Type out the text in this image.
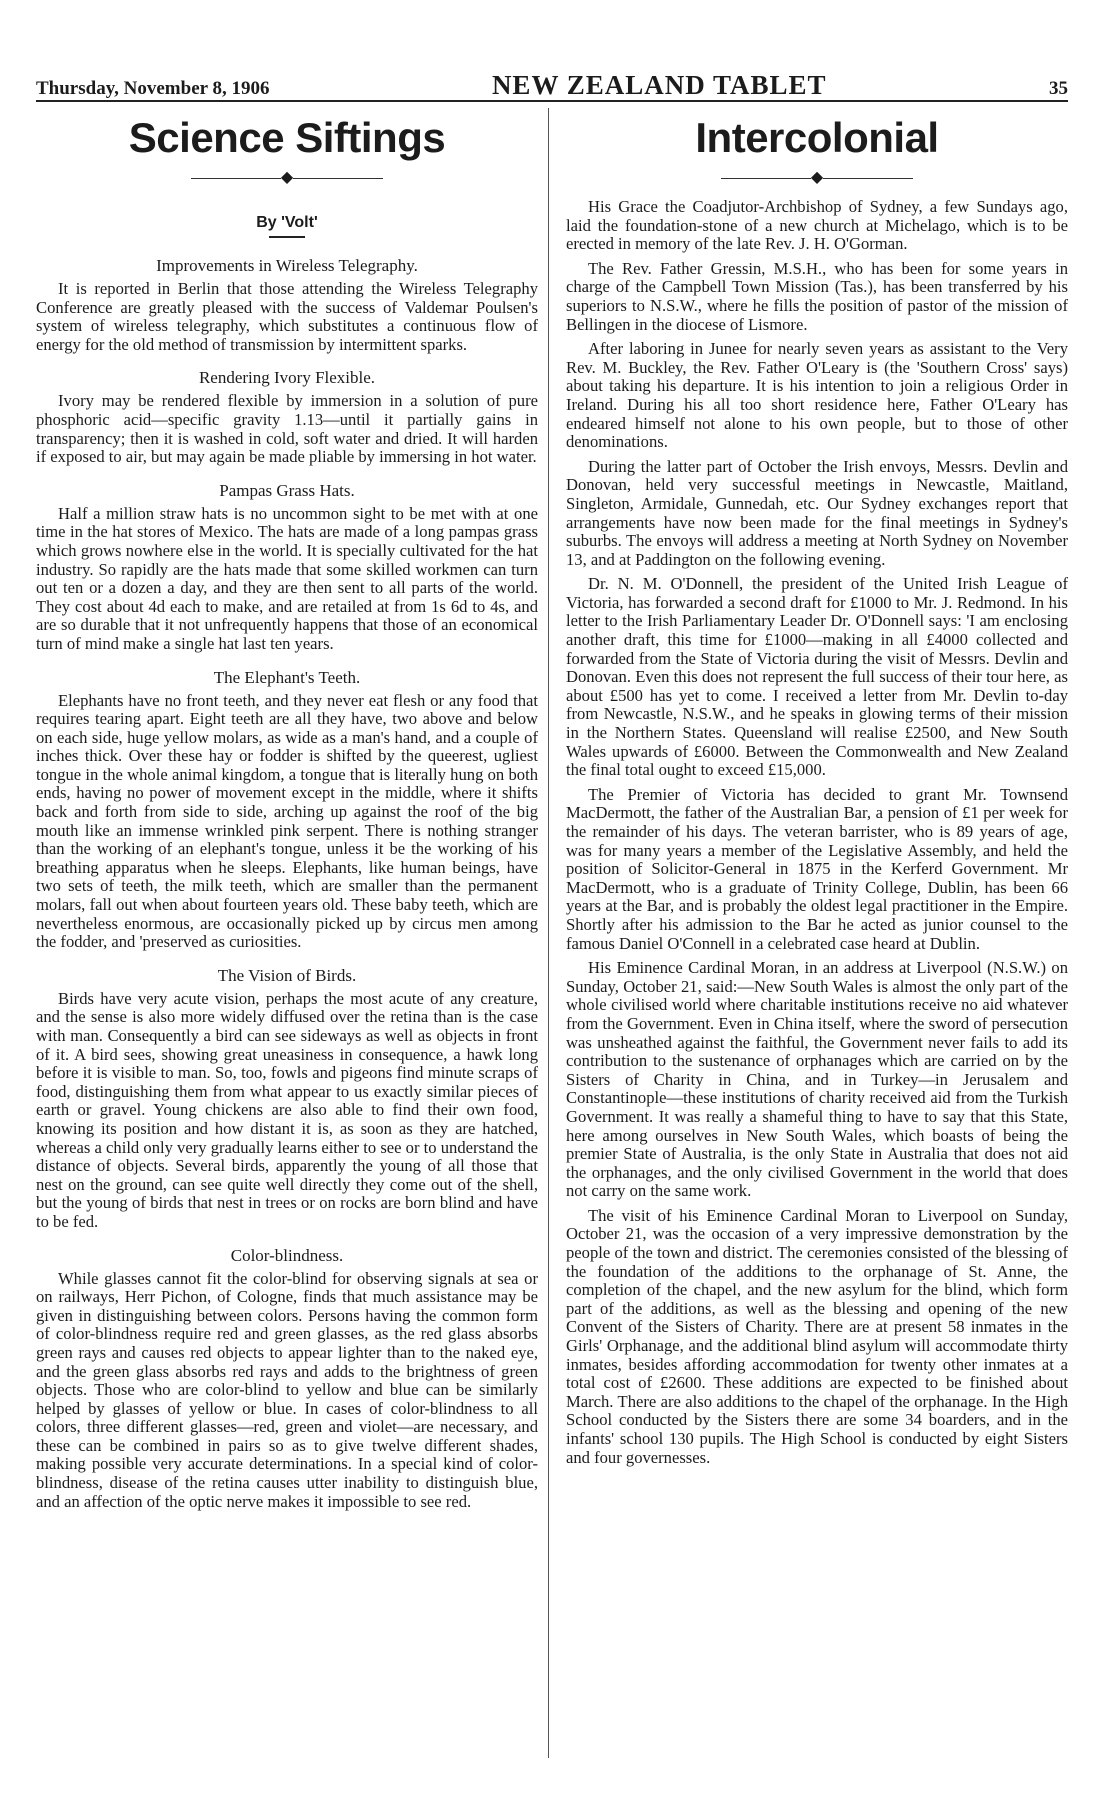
Thursday, November 8, 1906	NEW ZEALAND TABLET	35
Science Siftings
◆
By 'Volt'
Improvements in Wireless Telegraphy.

It is reported in Berlin that those attending the Wireless Telegraphy Conference are greatly pleased with the success of Valdemar Poulsen's system of wireless telegraphy, which substitutes a continuous flow of energy for the old method of transmission by intermittent sparks.

Rendering Ivory Flexible.

Ivory may be rendered flexible by immersion in a solution of pure phosphoric acid—specific gravity 1.13—until it partially gains in transparency; then it is washed in cold, soft water and dried. It will harden if exposed to air, but may again be made pliable by immersing in hot water.

Pampas Grass Hats.

Half a million straw hats is no uncommon sight to be met with at one time in the hat stores of Mexico. The hats are made of a long pampas grass which grows nowhere else in the world. It is specially cultivated for the hat industry. So rapidly are the hats made that some skilled workmen can turn out ten or a dozen a day, and they are then sent to all parts of the world. They cost about 4d each to make, and are retailed at from 1s 6d to 4s, and are so durable that it not unfrequently happens that those of an economical turn of mind make a single hat last ten years.

The Elephant's Teeth.

Elephants have no front teeth, and they never eat flesh or any food that requires tearing apart. Eight teeth are all they have, two above and below on each side, huge yellow molars, as wide as a man's hand, and a couple of inches thick. Over these hay or fodder is shifted by the queerest, ugliest tongue in the whole animal kingdom, a tongue that is literally hung on both ends, having no power of movement except in the middle, where it shifts back and forth from side to side, arching up against the roof of the big mouth like an immense wrinkled pink serpent. There is nothing stranger than the working of an elephant's tongue, unless it be the working of his breathing apparatus when he sleeps. Elephants, like human beings, have two sets of teeth, the milk teeth, which are smaller than the permanent molars, fall out when about fourteen years old. These baby teeth, which are nevertheless enormous, are occasionally picked up by circus men among the fodder, and 'preserved as curiosities.

The Vision of Birds.

Birds have very acute vision, perhaps the most acute of any creature, and the sense is also more widely diffused over the retina than is the case with man. Consequently a bird can see sideways as well as objects in front of it. A bird sees, showing great uneasiness in consequence, a hawk long before it is visible to man. So, too, fowls and pigeons find minute scraps of food, distinguishing them from what appear to us exactly similar pieces of earth or gravel. Young chickens are also able to find their own food, knowing its position and how distant it is, as soon as they are hatched, whereas a child only very gradually learns either to see or to understand the distance of objects. Several birds, apparently the young of all those that nest on the ground, can see quite well directly they come out of the shell, but the young of birds that nest in trees or on rocks are born blind and have to be fed.

Color-blindness.

While glasses cannot fit the color-blind for observing signals at sea or on railways, Herr Pichon, of Cologne, finds that much assistance may be given in distinguishing between colors. Persons having the common form of color-blindness require red and green glasses, as the red glass absorbs green rays and causes red objects to appear lighter than to the naked eye, and the green glass absorbs red rays and adds to the brightness of green objects. Those who are color-blind to yellow and blue can be similarly helped by glasses of yellow or blue. In cases of color-blindness to all colors, three different glasses—red, green and violet—are necessary, and these can be combined in pairs so as to give twelve different shades, making possible very accurate determinations. In a special kind of color-blindness, disease of the retina causes utter inability to distinguish blue, and an affection of the optic nerve makes it impossible to see red.

Intercolonial
◆

His Grace the Coadjutor-Archbishop of Sydney, a few Sundays ago, laid the foundation-stone of a new church at Michelago, which is to be erected in memory of the late Rev. J. H. O'Gorman.

The Rev. Father Gressin, M.S.H., who has been for some years in charge of the Campbell Town Mission (Tas.), has been transferred by his superiors to N.S.W., where he fills the position of pastor of the mission of Bellingen in the diocese of Lismore.

After laboring in Junee for nearly seven years as assistant to the Very Rev. M. Buckley, the Rev. Father O'Leary is (the 'Southern Cross' says) about taking his departure. It is his intention to join a religious Order in Ireland. During his all too short residence here, Father O'Leary has endeared himself not alone to his own people, but to those of other denominations.

During the latter part of October the Irish envoys, Messrs. Devlin and Donovan, held very successful meetings in Newcastle, Maitland, Singleton, Armidale, Gunnedah, etc. Our Sydney exchanges report that arrangements have now been made for the final meetings in Sydney's suburbs. The envoys will address a meeting at North Sydney on November 13, and at Paddington on the following evening.

Dr. N. M. O'Donnell, the president of the United Irish League of Victoria, has forwarded a second draft for £1000 to Mr. J. Redmond. In his letter to the Irish Parliamentary Leader Dr. O'Donnell says: 'I am enclosing another draft, this time for £1000—making in all £4000 collected and forwarded from the State of Victoria during the visit of Messrs. Devlin and Donovan. Even this does not represent the full success of their tour here, as about £500 has yet to come. I received a letter from Mr. Devlin to-day from Newcastle, N.S.W., and he speaks in glowing terms of their mission in the Northern States. Queensland will realise £2500, and New South Wales upwards of £6000. Between the Commonwealth and New Zealand the final total ought to exceed £15,000.

The Premier of Victoria has decided to grant Mr. Townsend MacDermott, the father of the Australian Bar, a pension of £1 per week for the remainder of his days. The veteran barrister, who is 89 years of age, was for many years a member of the Legislative Assembly, and held the position of Solicitor-General in 1875 in the Kerferd Government. Mr MacDermott, who is a graduate of Trinity College, Dublin, has been 66 years at the Bar, and is probably the oldest legal practitioner in the Empire. Shortly after his admission to the Bar he acted as junior counsel to the famous Daniel O'Connell in a celebrated case heard at Dublin.

His Eminence Cardinal Moran, in an address at Liverpool (N.S.W.) on Sunday, October 21, said:—New South Wales is almost the only part of the whole civilised world where charitable institutions receive no aid whatever from the Government. Even in China itself, where the sword of persecution was unsheathed against the faithful, the Government never fails to add its contribution to the sustenance of orphanages which are carried on by the Sisters of Charity in China, and in Turkey—in Jerusalem and Constantinople—these institutions of charity received aid from the Turkish Government. It was really a shameful thing to have to say that this State, here among ourselves in New South Wales, which boasts of being the premier State of Australia, is the only State in Australia that does not aid the orphanages, and the only civilised Government in the world that does not carry on the same work.

The visit of his Eminence Cardinal Moran to Liverpool on Sunday, October 21, was the occasion of a very impressive demonstration by the people of the town and district. The ceremonies consisted of the blessing of the foundation of the additions to the orphanage of St. Anne, the completion of the chapel, and the new asylum for the blind, which form part of the additions, as well as the blessing and opening of the new Convent of the Sisters of Charity. There are at present 58 inmates in the Girls' Orphanage, and the additional blind asylum will accommodate thirty inmates, besides affording accommodation for twenty other inmates at a total cost of £2600. These additions are expected to be finished about March. There are also additions to the chapel of the orphanage. In the High School conducted by the Sisters there are some 34 boarders, and in the infants' school 130 pupils. The High School is conducted by eight Sisters and four governesses.
